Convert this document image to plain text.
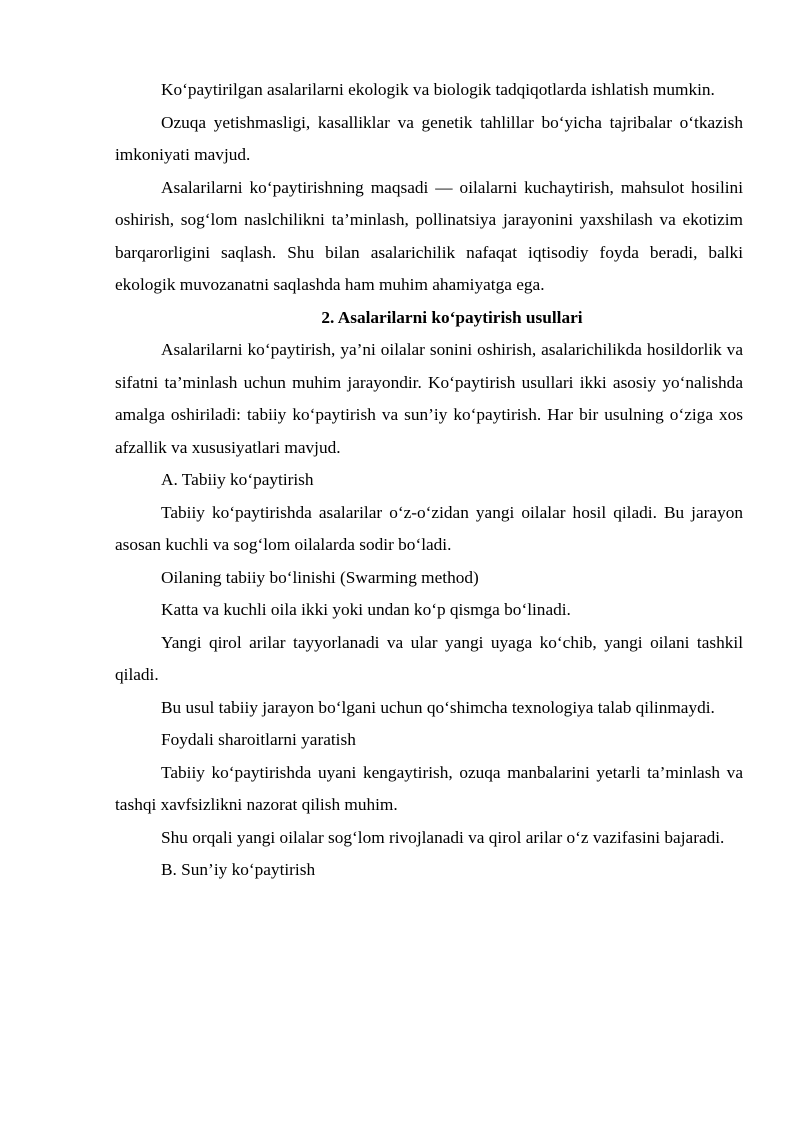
Ko‘paytirilgan asalarilarni ekologik va biologik tadqiqotlarda ishlatish mumkin.

Ozuqa yetishmasligi, kasalliklar va genetik tahlillar bo‘yicha tajribalar o‘tkazish imkoniyati mavjud.

Asalarilarni ko‘paytirishning maqsadi — oilalarni kuchaytirish, mahsulot hosilini oshirish, sog‘lom naslchilikni ta’minlash, pollinatsiya jarayonini yaxshilash va ekotizim barqarorligini saqlash. Shu bilan asalarichilik nafaqat iqtisodiy foyda beradi, balki ekologik muvozanatni saqlashda ham muhim ahamiyatga ega.

2. Asalarilarni ko‘paytirish usullari

Asalarilarni ko‘paytirish, ya’ni oilalar sonini oshirish, asalarichilikda hosildorlik va sifatni ta’minlash uchun muhim jarayondir. Ko‘paytirish usullari ikki asosiy yo‘nalishda amalga oshiriladi: tabiiy ko‘paytirish va sun’iy ko‘paytirish. Har bir usulning o‘ziga xos afzallik va xususiyatlari mavjud.

A. Tabiiy ko‘paytirish

Tabiiy ko‘paytirishda asalarilar o‘z-o‘zidan yangi oilalar hosil qiladi. Bu jarayon asosan kuchli va sog‘lom oilalarda sodir bo‘ladi.

Oilaning tabiiy bo‘linishi (Swarming method)

Katta va kuchli oila ikki yoki undan ko‘p qismga bo‘linadi.

Yangi qirol arilar tayyorlanadi va ular yangi uyaga ko‘chib, yangi oilani tashkil qiladi.

Bu usul tabiiy jarayon bo‘lgani uchun qo‘shimcha texnologiya talab qilinmaydi.

Foydali sharoitlarni yaratish

Tabiiy ko‘paytirishda uyani kengaytirish, ozuqa manbalarini yetarli ta’minlash va tashqi xavfsizlikni nazorat qilish muhim.

Shu orqali yangi oilalar sog‘lom rivojlanadi va qirol arilar o‘z vazifasini bajaradi.

B. Sun’iy ko‘paytirish
